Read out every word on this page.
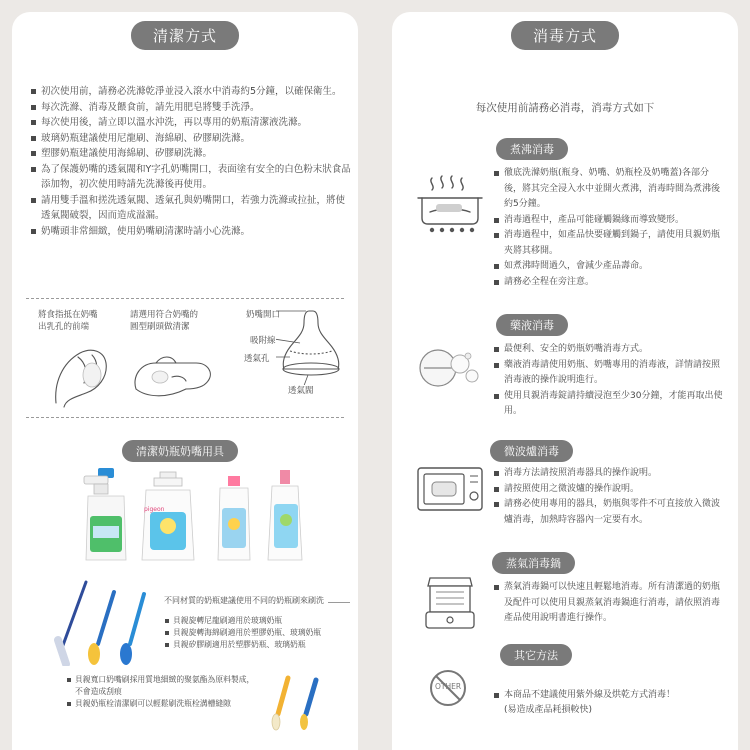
清潔方式
初次使用前，請務必洗滌乾淨並浸入滾水中消毒約5分鐘，以確保衛生。
每次洗滌、消毒及餵食前，請先用肥皂將雙手洗淨。
每次使用後，請立即以溫水沖洗，再以專用的奶瓶清潔液洗滌。
玻璃奶瓶建議使用尼龍刷、海綿刷、矽膠刷洗滌。
塑膠奶瓶建議使用海綿刷、矽膠刷洗滌。
為了保護奶嘴的透氣閥和Y字孔奶嘴開口，表面塗有安全的白色粉末狀食品添加物，初次使用時請先洗滌後再使用。
請用雙手溫和搓洗透氣閥、透氣孔與奶嘴開口，若強力洗滌或拉扯，將使透氣閥破裂，因而造成溢漏。
奶嘴頭非常細緻，使用奶嘴刷清潔時請小心洗滌。
將食指抵在奶嘴
出乳孔的前端
請選用符合奶嘴的
圓型刷頭做清潔
奶嘴開口
吸附線
透氣孔
透氣閥
清潔奶瓶奶嘴用具
pigeon
不同材質的奶瓶建議使用不同的奶瓶刷來刷洗
貝親旋轉尼龍刷適用於玻璃奶瓶
貝親旋轉海綿刷適用於塑膠奶瓶、玻璃奶瓶
貝親矽膠刷適用於塑膠奶瓶、玻璃奶瓶
貝親寬口奶嘴刷採用質地細緻的聚氨酯為原料製成，不會造成刮痕
貝親奶瓶栓清潔刷可以輕鬆刷洗瓶栓溝槽縫隙
消毒方式
每次使用前請務必消毒，消毒方式如下
煮沸消毒
徹底洗滌奶瓶(瓶身、奶嘴、奶瓶栓及奶嘴蓋)各部分後，將其完全浸入水中並開火煮沸，消毒時間為煮沸後約5分鐘。
消毒過程中，產品可能碰觸鍋緣而導致變形。
消毒過程中，如產品快要碰觸到鍋子，請使用貝親奶瓶夾將其移開。
如煮沸時間過久，會減少產品壽命。
請務必全程在旁注意。
藥液消毒
最便利、安全的奶瓶奶嘴消毒方式。
藥液消毒請使用奶瓶、奶嘴專用的消毒液，詳情請按照消毒液的操作說明進行。
使用貝親消毒錠請持續浸泡至少30分鐘，才能再取出使用。
微波爐消毒
消毒方法請按照消毒器具的操作說明。
請按照使用之微波爐的操作說明。
請務必使用專用的器具，奶瓶與零件不可直接放入微波爐消毒，加熱時容器內一定要有水。
蒸氣消毒鍋
蒸氣消毒鍋可以快速且輕鬆地消毒。所有清潔過的奶瓶及配件可以使用貝親蒸氣消毒鍋進行消毒，請依照消毒產品使用說明書進行操作。
其它方法
OTHER

本商品不建議使用紫外線及烘乾方式消毒！
(易造成產品耗損較快)
